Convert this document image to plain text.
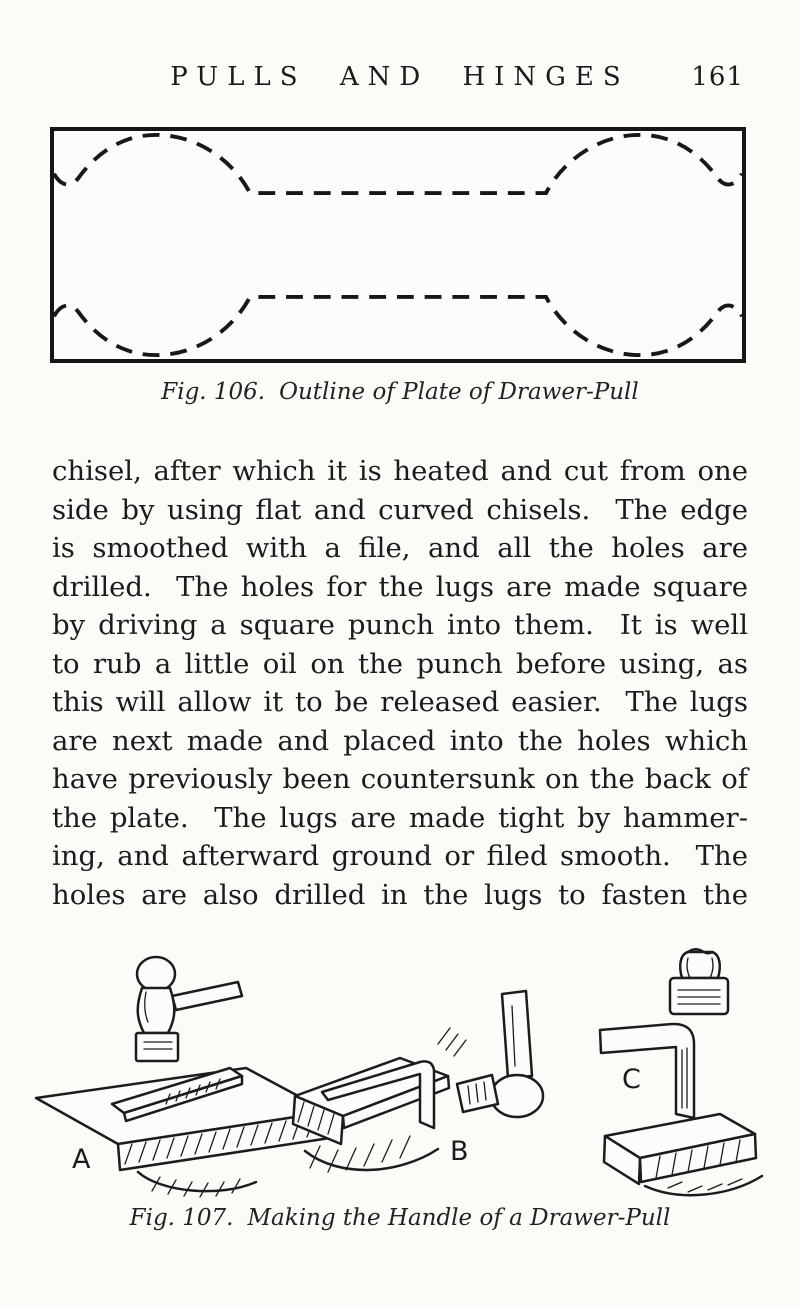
PULLS AND HINGES	161
Fig. 106. Outline of Plate of Drawer-Pull
chisel, after which it is heated and cut from one
side by using flat and curved chisels.  The edge
is smoothed with a file, and all the holes are
drilled.  The holes for the lugs are made square
by driving a square punch into them.  It is well
to rub a little oil on the punch before using, as
this will allow it to be released easier.  The lugs
are next made and placed into the holes which
have previously been countersunk on the back of
the plate.  The lugs are made tight by hammer-
ing, and afterward ground or filed smooth.  The
holes are also drilled in the lugs to fasten the
A	B
C
Fig. 107. Making the Handle of a Drawer-Pull
